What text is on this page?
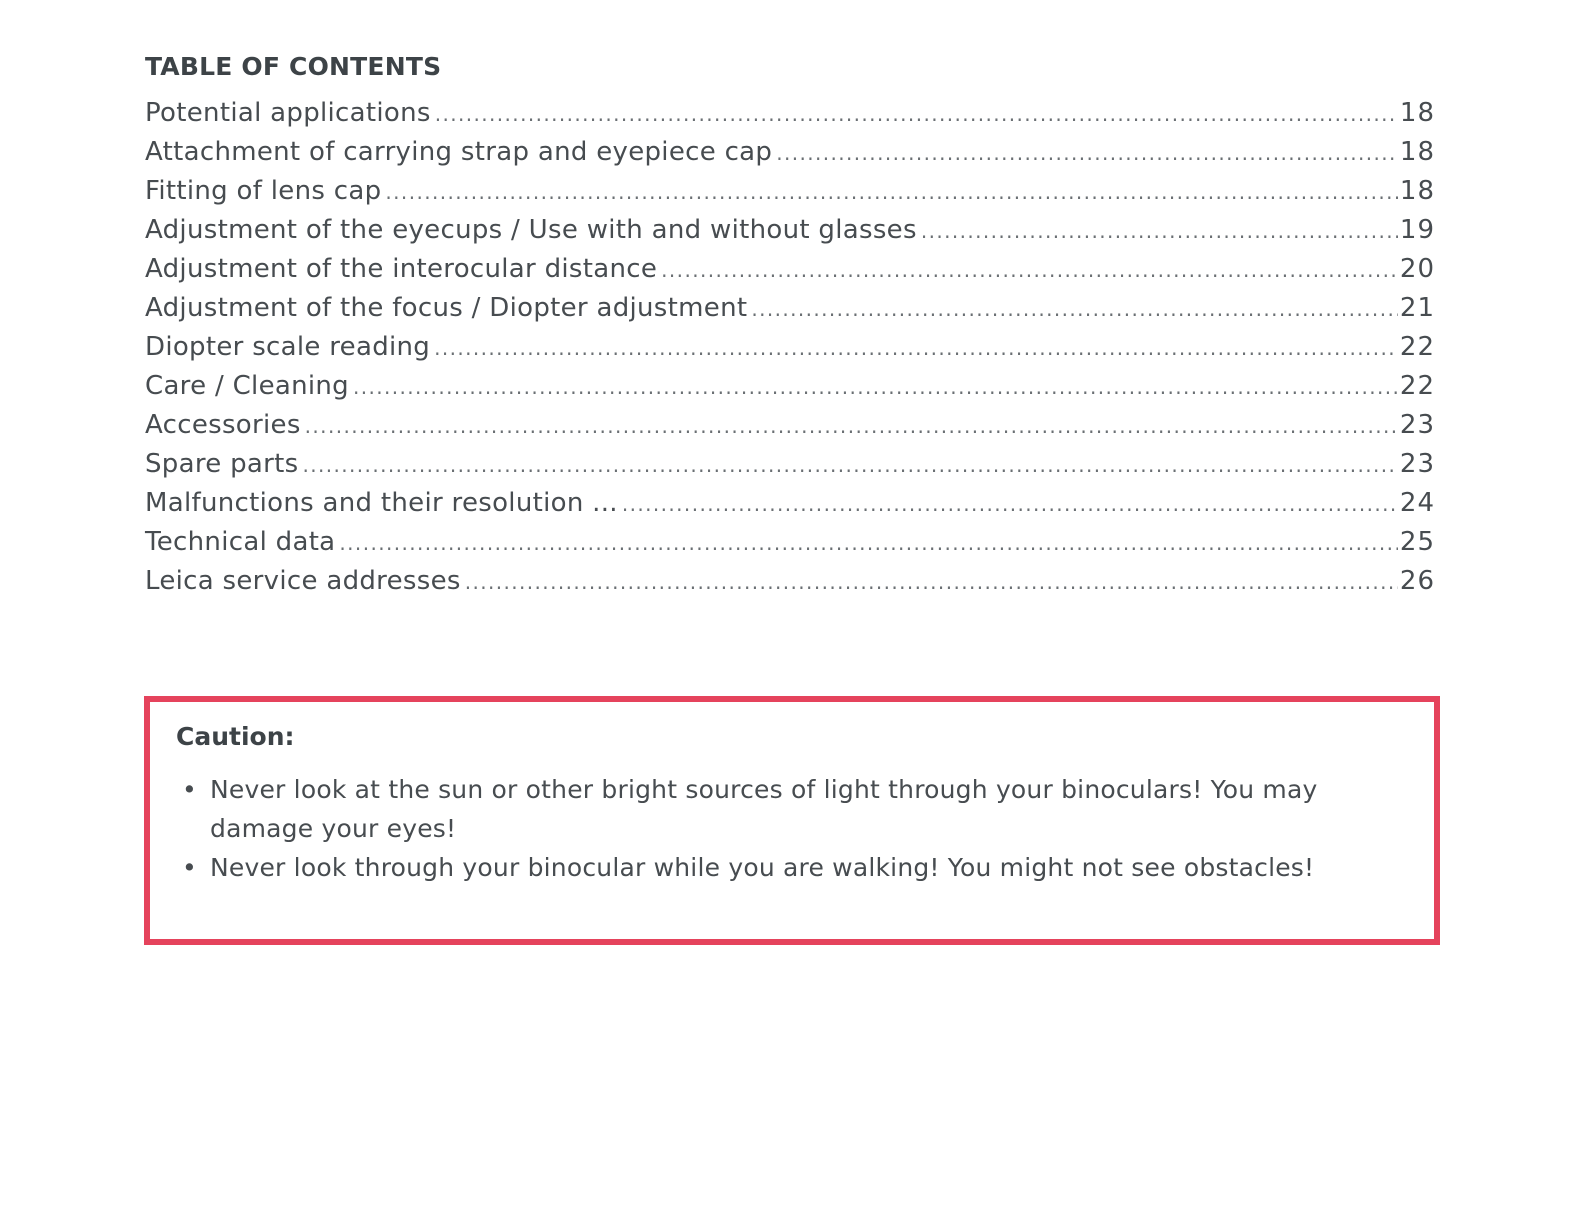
TABLE OF CONTENTS
Potential applications .....	18
Attachment of carrying strap and eyepiece cap .....	18
Fitting of lens cap .....	18
Adjustment of the eyecups / Use with and without glasses .....	19
Adjustment of the interocular distance .....	20
Adjustment of the focus / Diopter adjustment .....	21
Diopter scale reading .....	22
Care / Cleaning .....	22
Accessories .....	23
Spare parts .....	23
Malfunctions and their resolution ... .....	24
Technical data .....	25
Leica service addresses .....	26
Caution:
• Never look at the sun or other bright sources of light through your binoculars! You may damage your eyes!
• Never look through your binocular while you are walking! You might not see obstacles!
